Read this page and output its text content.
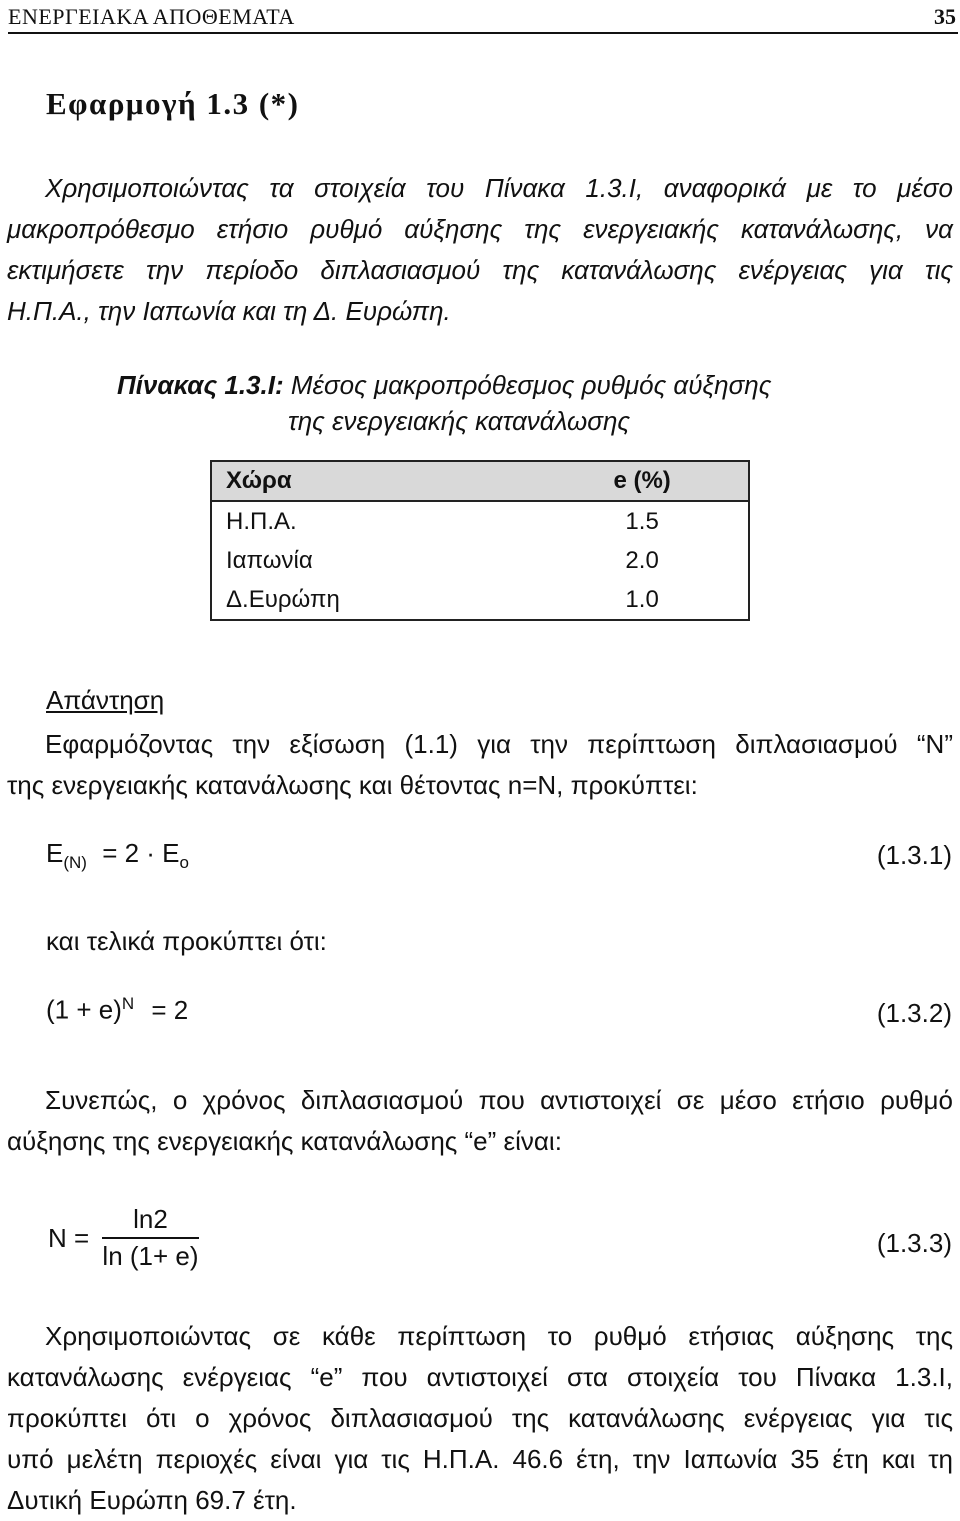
ΕΝΕΡΓΕΙΑΚΑ ΑΠΟΘΕΜΑΤΑ	35
Εφαρμογή 1.3 (*)
Χρησιμοποιώντας τα στοιχεία του Πίνακα 1.3.Ι, αναφορικά με το μέσο
μακροπρόθεσμο ετήσιο ρυθμό αύξησης της ενεργειακής κατανάλωσης, να
εκτιμήσετε την περίοδο διπλασιασμού της κατανάλωσης ενέργειας για τις
Η.Π.Α., την Ιαπωνία και τη Δ. Ευρώπη.
Πίνακας 1.3.Ι: Μέσος μακροπρόθεσμος ρυθμός αύξησης
της ενεργειακής κατανάλωσης
Χώρα	e (%)
Η.Π.Α.	1.5
Ιαπωνία	2.0
Δ.Ευρώπη	1.0
Απάντηση
Εφαρμόζοντας την εξίσωση (1.1) για την περίπτωση διπλασιασμού “Ν”
της ενεργειακής κατανάλωσης και θέτοντας n=N, προκύπτει:
$E_{(N)} = 2 \cdot E_o$	(1.3.1)
και τελικά προκύπτει ότι:
$(1 + e)^N = 2$	(1.3.2)
Συνεπώς, ο χρόνος διπλασιασμού που αντιστοιχεί σε μέσο ετήσιο ρυθμό
αύξησης της ενεργειακής κατανάλωσης “e” είναι:
$N = \frac{\ln 2}{\ln (1+ e)}$	(1.3.3)
Χρησιμοποιώντας σε κάθε περίπτωση το ρυθμό ετήσιας αύξησης της
κατανάλωσης ενέργειας “e” που αντιστοιχεί στα στοιχεία του Πίνακα 1.3.Ι,
προκύπτει ότι ο χρόνος διπλασιασμού της κατανάλωσης ενέργειας για τις
υπό μελέτη περιοχές είναι για τις Η.Π.Α. 46.6 έτη, την Ιαπωνία 35 έτη και τη
Δυτική Ευρώπη 69.7 έτη.
